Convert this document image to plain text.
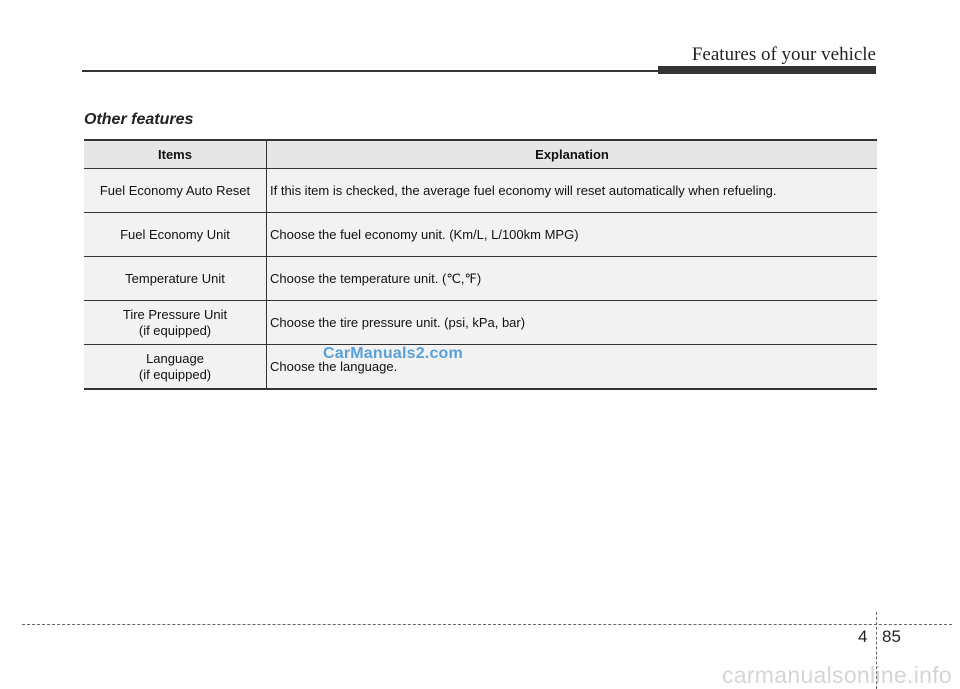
Features of your vehicle
Other features
Items	Explanation
Fuel Economy Auto Reset	If this item is checked, the average fuel economy will reset automatically when refueling.
Fuel Economy Unit	Choose the fuel economy unit. (Km/L, L/100km MPG)
Temperature Unit	Choose the temperature unit. (℃,℉)
Tire Pressure Unit
(if equipped)	Choose the tire pressure unit. (psi, kPa, bar)
Language
(if equipped)	Choose the language.
CarManuals2.com
4 85
carmanualsonline.info
